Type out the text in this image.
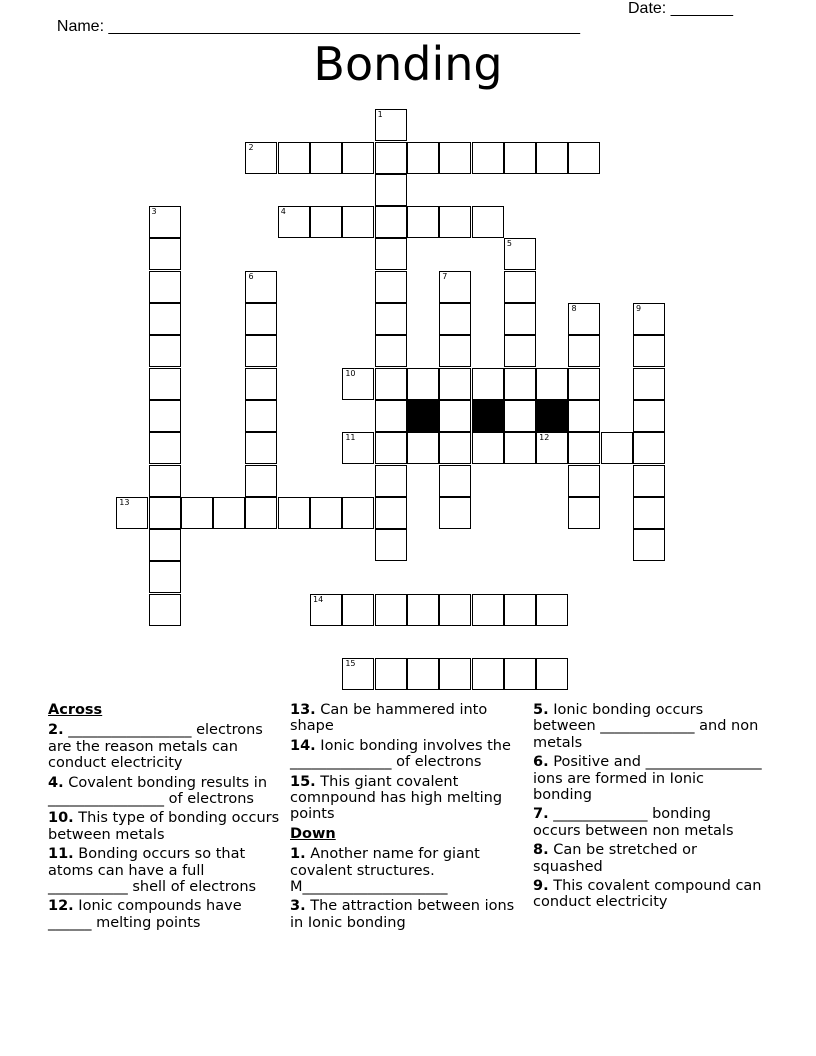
Name: _____________________________________________________

Date: _______

Bonding
1
2
3	4
5
6	7
8	9
10
11	12
13
14
15
Across
2. _________________ electrons are the reason metals can conduct electricity
4. Covalent bonding results in ________________ of electrons
10. This type of bonding occurs between metals
11. Bonding occurs so that atoms can have a full ___________ shell of electrons
12. Ionic compounds have ______ melting points
13. Can be hammered into shape
14. Ionic bonding involves the ______________ of electrons
15. This giant covalent comnpound has high melting points
Down
1. Another name for giant covalent structures. M____________________
3. The attraction between ions in Ionic bonding
5. Ionic bonding occurs between _____________ and non metals
6. Positive and ________________ ions are formed in Ionic bonding
7. _____________ bonding occurs between non metals
8. Can be stretched or squashed
9. This covalent compound can conduct electricity
